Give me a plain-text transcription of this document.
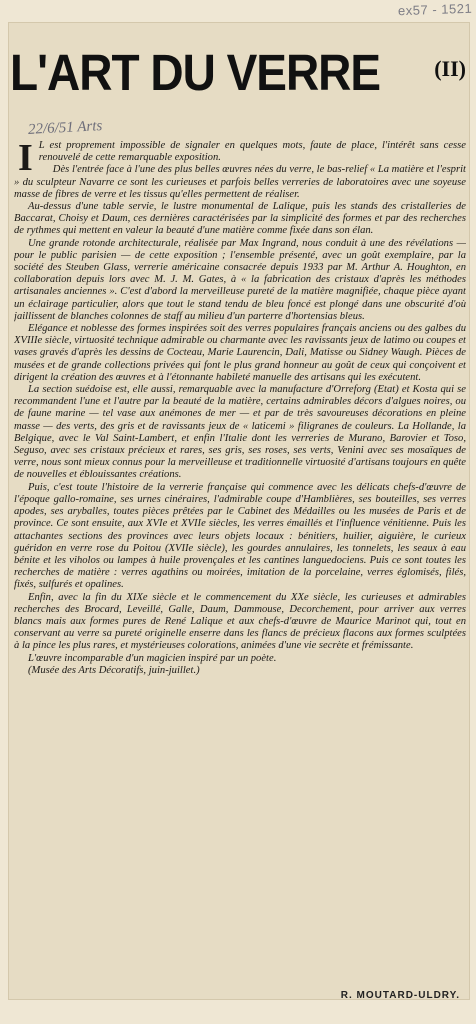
ex57 - 1521
L'ART DU VERRE (II)
22/6/51 Arts

I L est proprement impossible de signaler en quelques mots, faute de place, l'intérêt sans cesse renouvelé de cette remarquable exposition.

Dès l'entrée face à l'une des plus belles œuvres nées du verre, le bas-relief « La matière et l'esprit » du sculpteur Navarre ce sont les curieuses et parfois belles verreries de laboratoires avec une soyeuse masse de fibres de verre et les tissus qu'elles permettent de réaliser.

Au-dessus d'une table servie, le lustre monumental de Lalique, puis les stands des cristalleries de Baccarat, Choisy et Daum, ces dernières caractérisées par la simplicité des formes et par des recherches de rythmes qui mettent en valeur la beauté d'une matière comme fixée dans son élan.

Une grande rotonde architecturale, réalisée par Max Ingrand, nous conduit à une des révélations — pour le public parisien — de cette exposition ; l'ensemble présenté, avec un goût exemplaire, par la société des Steuben Glass, verrerie américaine consacrée depuis 1933 par M. Arthur A. Houghton, en collaboration depuis lors avec M. J. M. Gates, à « la fabrication des cristaux d'après les méthodes artisanales anciennes ». C'est d'abord la merveilleuse pureté de la matière magnifiée, chaque pièce ayant un éclairage particulier, alors que tout le stand tendu de bleu foncé est plongé dans une obscurité d'où jaillissent de blanches colonnes de staff au milieu d'un parterre d'hortensias bleus.

Elégance et noblesse des formes inspirées soit des verres populaires français anciens ou des galbes du XVIIIe siècle, virtuosité technique admirable ou charmante avec les ravissants jeux de latimo ou coupes et vases gravés d'après les dessins de Cocteau, Marie Laurencin, Dali, Matisse ou Sidney Waugh. Pièces de musées et de grande collections privées qui font le plus grand honneur au goût de ceux qui conçoivent et dirigent la création des œuvres et à l'étonnante habileté manuelle des artisans qui les exécutent.

La section suédoise est, elle aussi, remarquable avec la manufacture d'Orreforg (Etat) et Kosta qui se recommandent l'une et l'autre par la beauté de la matière, certains admirables décors d'algues noires, ou de faune marine — tel vase aux anémones de mer — et par de très savoureuses décorations en pleine masse — des verts, des gris et de ravissants jeux de « laticemi » filigranes de couleurs. La Hollande, la Belgique, avec le Val Saint-Lambert, et enfin l'Italie dont les verreries de Murano, Barovier et Toso, Seguso, avec ses cristaux précieux et rares, ses gris, ses roses, ses verts, Venini avec ses mosaïques de verre, nous sont mieux connus pour la merveilleuse et traditionnelle virtuosité d'artisans toujours en quête de nouvelles et éblouissantes créations.

Puis, c'est toute l'histoire de la verrerie française qui commence avec les délicats chefs-d'œuvre de l'époque gallo-romaine, ses urnes cinéraires, l'admirable coupe d'Hamblières, ses bouteilles, ses verres apodes, ses aryballes, toutes pièces prêtées par le Cabinet des Médailles ou les musées de Paris et de province. Ce sont ensuite, aux XVIe et XVIIe siècles, les verres émaillés et l'influence vénitienne. Puis les attachantes sections des provinces avec leurs objets locaux : bénitiers, huilier, aiguière, le curieux guéridon en verre rose du Poitou (XVIIe siècle), les gourdes annulaires, les tonnelets, les seaux à eau bénite et les viholos ou lampes à huile provençales et les cantines languedociens. Puis ce sont toutes les recherches de matière : verres agathins ou moirées, imitation de la porcelaine, verres églomisés, filés, fixés, sulfurés et opalines.

Enfin, avec la fin du XIXe siècle et le commencement du XXe siècle, les curieuses et admirables recherches des Brocard, Leveillé, Galle, Daum, Dammouse, Decorchement, pour arriver aux verres blancs mais aux formes pures de René Lalique et aux chefs-d'œuvre de Maurice Marinot qui, tout en conservant au verre sa pureté originelle enserre dans les flancs de précieux flacons aux formes sculptées à la pince les plus rares, et mystérieuses colorations, animées d'une vie secrète et frémissante.

L'œuvre incomparable d'un magicien inspiré par un poète.

(Musée des Arts Décoratifs, juin-juillet.)

R. MOUTARD-ULDRY.
